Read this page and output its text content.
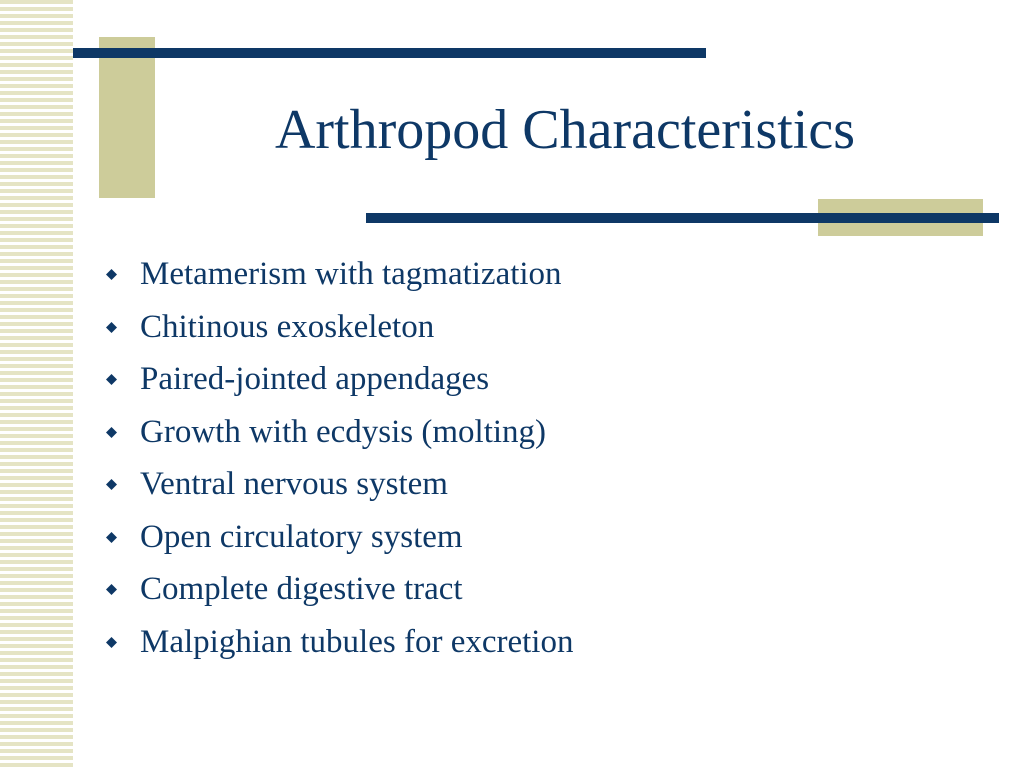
Arthropod Characteristics
Metamerism with tagmatization
Chitinous exoskeleton
Paired-jointed appendages
Growth with ecdysis (molting)
Ventral nervous system
Open circulatory system
Complete digestive tract
Malpighian tubules for excretion
